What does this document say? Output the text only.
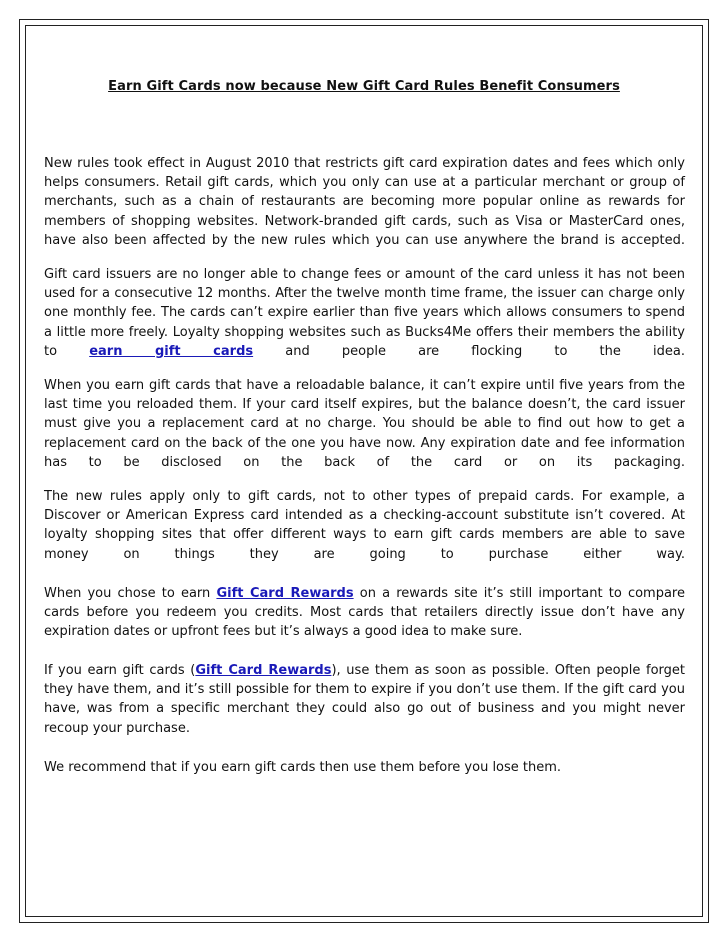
Earn Gift Cards now because New Gift Card Rules Benefit Consumers
New rules took effect in August 2010 that restricts gift card expiration dates and fees which only helps consumers. Retail gift cards, which you only can use at a particular merchant or group of merchants, such as a chain of restaurants are becoming more popular online as rewards for members of shopping websites. Network-branded gift cards, such as Visa or MasterCard ones, have also been affected by the new rules which you can use anywhere the brand is accepted.
Gift card issuers are no longer able to change fees or amount of the card unless it has not been used for a consecutive 12 months. After the twelve month time frame, the issuer can charge only one monthly fee. The cards can’t expire earlier than five years which allows consumers to spend a little more freely. Loyalty shopping websites such as Bucks4Me offers their members the ability to earn gift cards and people are flocking to the idea.
When you earn gift cards that have a reloadable balance, it can’t expire until five years from the last time you reloaded them. If your card itself expires, but the balance doesn’t, the card issuer must give you a replacement card at no charge. You should be able to find out how to get a replacement card on the back of the one you have now. Any expiration date and fee information has to be disclosed on the back of the card or on its packaging.
The new rules apply only to gift cards, not to other types of prepaid cards. For example, a Discover or American Express card intended as a checking-account substitute isn’t covered. At loyalty shopping sites that offer different ways to earn gift cards members are able to save money on things they are going to purchase either way.
When you chose to earn Gift Card Rewards on a rewards site it’s still important to compare cards before you redeem you credits. Most cards that retailers directly issue don’t have any expiration dates or upfront fees but it’s always a good idea to make sure.
If you earn gift cards (Gift Card Rewards), use them as soon as possible. Often people forget they have them, and it’s still possible for them to expire if you don’t use them. If the gift card you have, was from a specific merchant they could also go out of business and you might never recoup your purchase.
We recommend that if you earn gift cards then use them before you lose them.
